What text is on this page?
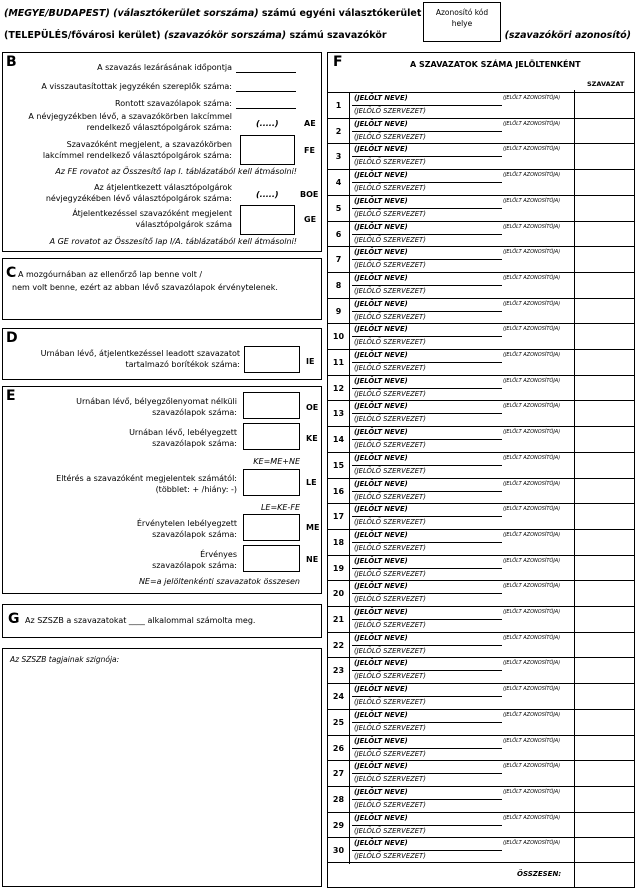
(MEGYE/BUDAPEST) (választókerület sorszáma) számú egyéni választókerület
(TELEPÜLÉS/fővárosi kerület) (szavazókör sorszáma) számú szavazókör	(szavazóköri azonosító)
Azonosító kód
helye
B	A szavazás lezárásának időpontja
A visszautasítottak jegyzékén szereplők száma:
Rontott szavazólapok száma:
A névjegyzékben lévő, a szavazókörben lakcímmel
rendelkező választópolgárok száma:	(.....)	AE
Szavazóként megjelent, a szavazókörben
lakcímmel rendelkező választópolgárok száma:
FE
Az FE rovatot az Összesítő lap I. táblázatából kell átmásolni!
Az átjelentkezett választópolgárok
névjegyzékében lévő választópolgárok száma:	(.....)	BOE
Átjelentkezéssel szavazóként megjelent
választópolgárok száma
GE
A GE rovatot az Összesítő lap I/A. táblázatából kell átmásolni!
C A mozgóurnában az ellenőrző lap benne volt /
nem volt benne, ezért az abban lévő szavazólapok érvénytelenek.
D
Urnában lévő, átjelentkezéssel leadott szavazatot
tartalmazó borítékok száma:	IE
E	Urnában lévő, bélyegzőlenyomat nélküli
szavazólapok száma:
OE
Urnában lévő, lebélyegzett
szavazólapok száma:
KE
KE=ME+NE
Eltérés a szavazóként megjelentek számától:
(többlet: + /hiány: -)
LE
LE=KE-FE
Érvénytelen lebélyegzett
szavazólapok száma:
ME
Érvényes
szavazólapok száma:
NE
NE=a jelöltenkénti szavazatok összesen
G Az SZSZB a szavazatokat ____ alkalommal számolta meg.
Az SZSZB tagjainak szignója:
F	A SZAVAZATOK SZÁMA JELÖLTENKÉNT
SZAVAZAT
1
(JELÖLT NEVE)	(JELÖLT AZONOSÍTÓJA)
(JELÖLŐ SZERVEZET)
2
(JELÖLT NEVE)	(JELÖLT AZONOSÍTÓJA)
(JELÖLŐ SZERVEZET)
3
(JELÖLT NEVE)	(JELÖLT AZONOSÍTÓJA)
(JELÖLŐ SZERVEZET)
4
(JELÖLT NEVE)	(JELÖLT AZONOSÍTÓJA)
(JELÖLŐ SZERVEZET)
5
(JELÖLT NEVE)	(JELÖLT AZONOSÍTÓJA)
(JELÖLŐ SZERVEZET)
6
(JELÖLT NEVE)	(JELÖLT AZONOSÍTÓJA)
(JELÖLŐ SZERVEZET)
7
(JELÖLT NEVE)	(JELÖLT AZONOSÍTÓJA)
(JELÖLŐ SZERVEZET)
8
(JELÖLT NEVE)	(JELÖLT AZONOSÍTÓJA)
(JELÖLŐ SZERVEZET)
9
(JELÖLT NEVE)	(JELÖLT AZONOSÍTÓJA)
(JELÖLŐ SZERVEZET)
10
(JELÖLT NEVE)	(JELÖLT AZONOSÍTÓJA)
(JELÖLŐ SZERVEZET)
11
(JELÖLT NEVE)	(JELÖLT AZONOSÍTÓJA)
(JELÖLŐ SZERVEZET)
12
(JELÖLT NEVE)	(JELÖLT AZONOSÍTÓJA)
(JELÖLŐ SZERVEZET)
13
(JELÖLT NEVE)	(JELÖLT AZONOSÍTÓJA)
(JELÖLŐ SZERVEZET)
14
(JELÖLT NEVE)	(JELÖLT AZONOSÍTÓJA)
(JELÖLŐ SZERVEZET)
15
(JELÖLT NEVE)	(JELÖLT AZONOSÍTÓJA)
(JELÖLŐ SZERVEZET)
16
(JELÖLT NEVE)	(JELÖLT AZONOSÍTÓJA)
(JELÖLŐ SZERVEZET)
17
(JELÖLT NEVE)	(JELÖLT AZONOSÍTÓJA)
(JELÖLŐ SZERVEZET)
18
(JELÖLT NEVE)	(JELÖLT AZONOSÍTÓJA)
(JELÖLŐ SZERVEZET)
19
(JELÖLT NEVE)	(JELÖLT AZONOSÍTÓJA)
(JELÖLŐ SZERVEZET)
20
(JELÖLT NEVE)	(JELÖLT AZONOSÍTÓJA)
(JELÖLŐ SZERVEZET)
21
(JELÖLT NEVE)	(JELÖLT AZONOSÍTÓJA)
(JELÖLŐ SZERVEZET)
22
(JELÖLT NEVE)	(JELÖLT AZONOSÍTÓJA)
(JELÖLŐ SZERVEZET)
23
(JELÖLT NEVE)	(JELÖLT AZONOSÍTÓJA)
(JELÖLŐ SZERVEZET)
24
(JELÖLT NEVE)	(JELÖLT AZONOSÍTÓJA)
(JELÖLŐ SZERVEZET)
25
(JELÖLT NEVE)	(JELÖLT AZONOSÍTÓJA)
(JELÖLŐ SZERVEZET)
26
(JELÖLT NEVE)	(JELÖLT AZONOSÍTÓJA)
(JELÖLŐ SZERVEZET)
27
(JELÖLT NEVE)	(JELÖLT AZONOSÍTÓJA)
(JELÖLŐ SZERVEZET)
28
(JELÖLT NEVE)	(JELÖLT AZONOSÍTÓJA)
(JELÖLŐ SZERVEZET)
29
(JELÖLT NEVE)	(JELÖLT AZONOSÍTÓJA)
(JELÖLŐ SZERVEZET)
30
(JELÖLT NEVE)	(JELÖLT AZONOSÍTÓJA)
(JELÖLŐ SZERVEZET)
ÖSSZESEN:
